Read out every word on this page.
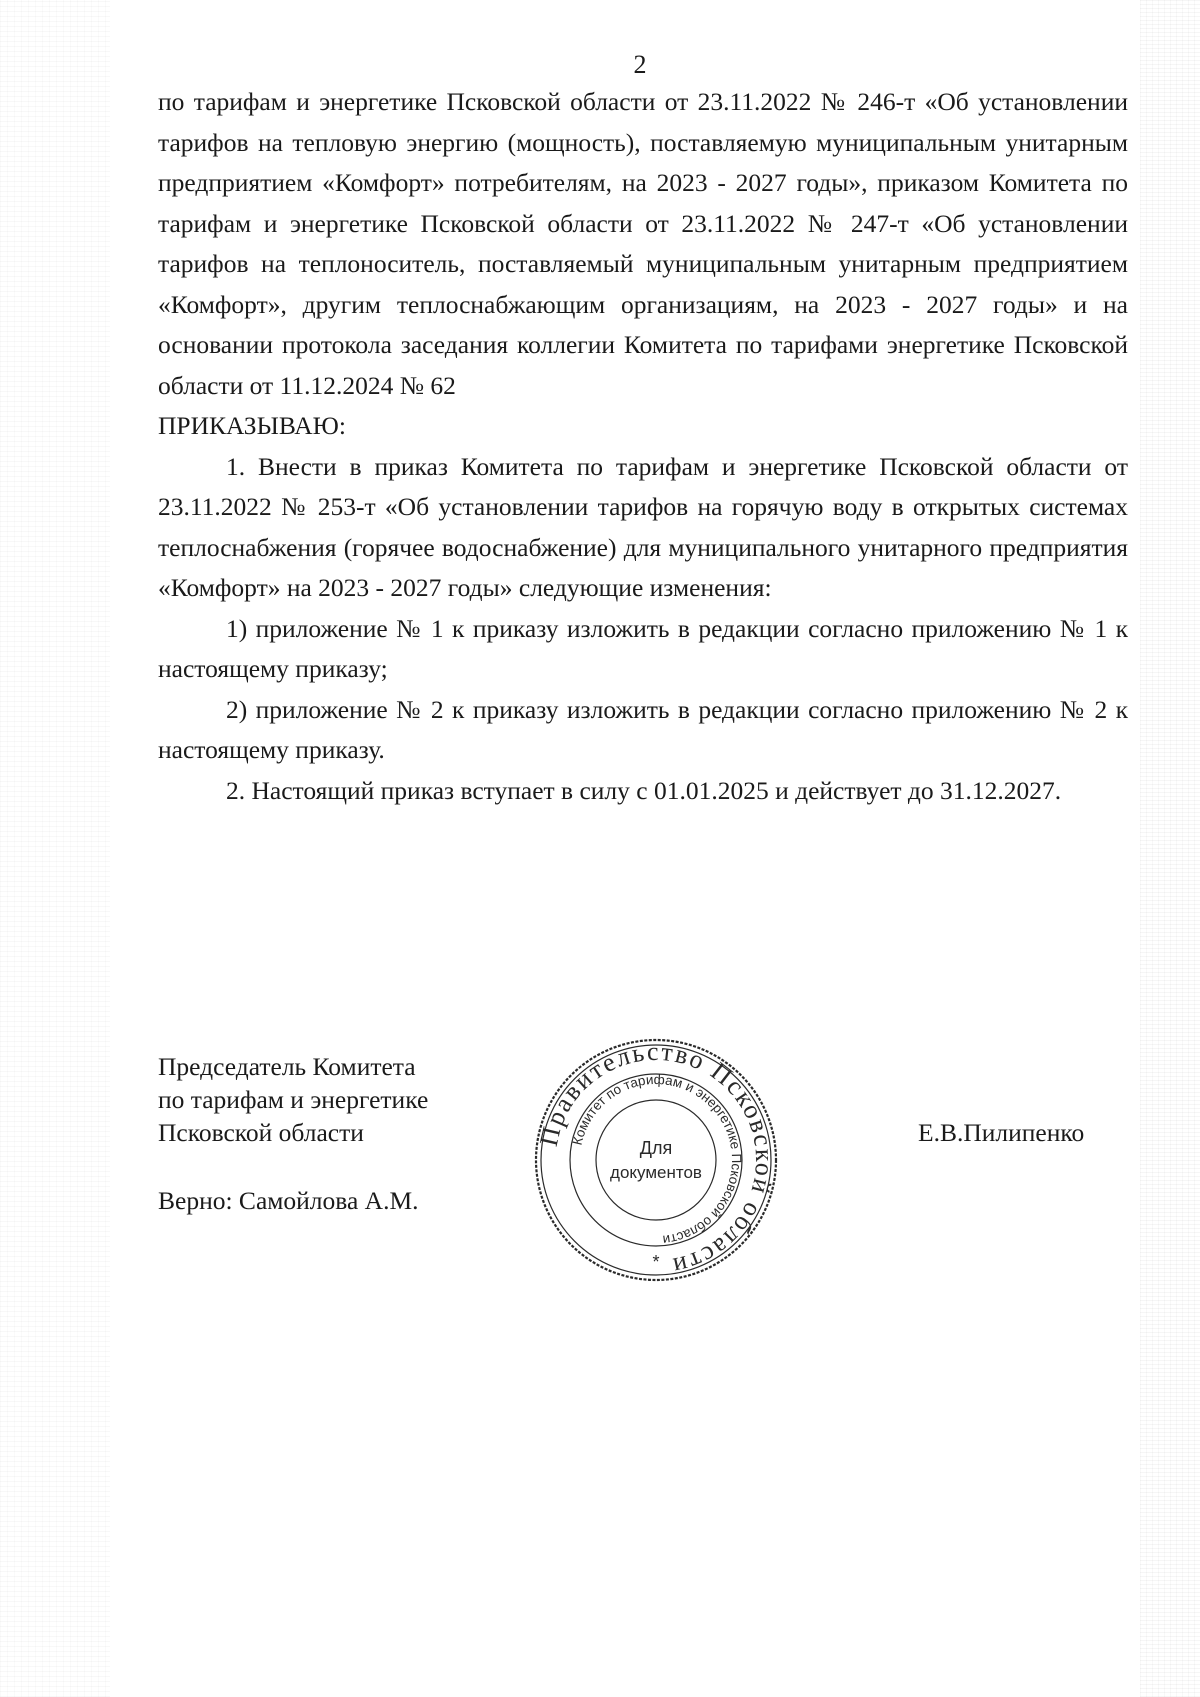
2

по тарифам и энергетике Псковской области от 23.11.2022 № 246-т «Об установлении тарифов на тепловую энергию (мощность), поставляемую муниципальным унитарным предприятием «Комфорт» потребителям, на 2023 - 2027 годы», приказом Комитета по тарифам и энергетике Псковской области от 23.11.2022 № 247-т «Об установлении тарифов на теплоноситель, поставляемый муниципальным унитарным предприятием «Комфорт», другим теплоснабжающим организациям, на 2023 - 2027 годы» и на основании протокола заседания коллегии Комитета по тарифами энергетике Псковской области от 11.12.2024 № 62

ПРИКАЗЫВАЮ:

1. Внести в приказ Комитета по тарифам и энергетике Псковской области от 23.11.2022 № 253-т «Об установлении тарифов на горячую воду в открытых системах теплоснабжения (горячее водоснабжение) для муниципального унитарного предприятия «Комфорт» на 2023 - 2027 годы» следующие изменения:

1) приложение № 1 к приказу изложить в редакции согласно приложению № 1 к настоящему приказу;

2) приложение № 2 к приказу изложить в редакции согласно приложению № 2 к настоящему приказу.

2. Настоящий приказ вступает в силу с 01.01.2025 и действует до 31.12.2027.

Председатель Комитета
по тарифам и энергетике
Псковской области
Верно: Самойлова А.М.
Е.В.Пилипенко
Правительство Псковской области
Комитет по тарифам и энергетике Псковской области
Для
документов
*
